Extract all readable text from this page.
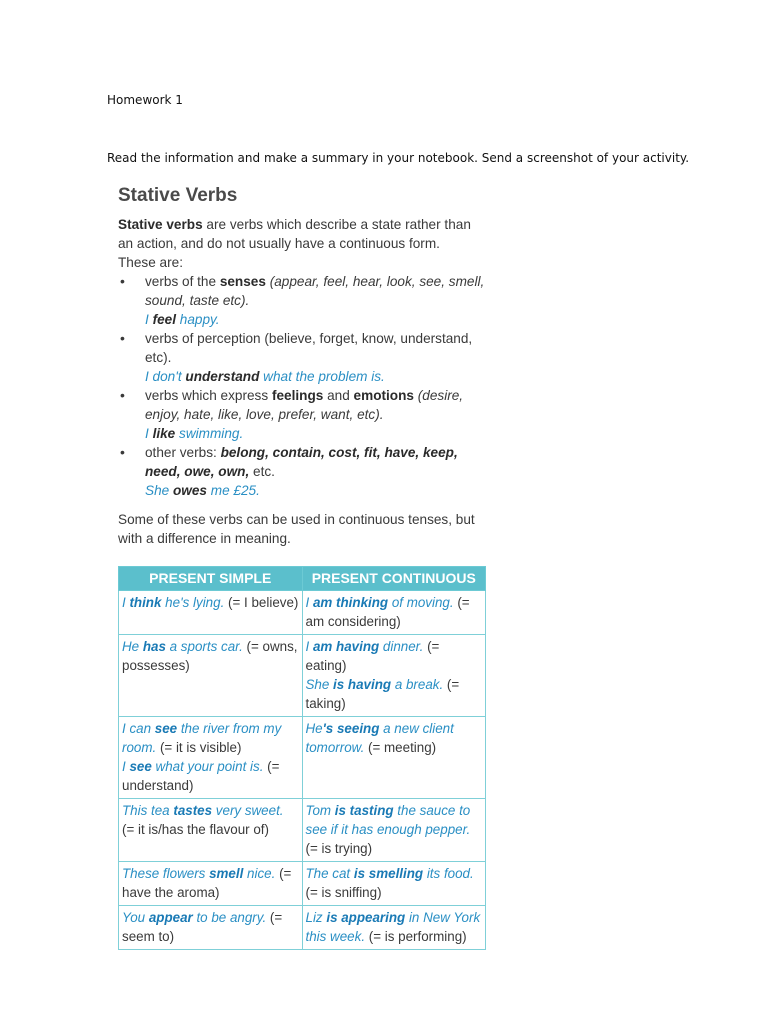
Homework 1
Read the information and make a summary in your notebook. Send a screenshot of your activity.
Stative Verbs

Stative verbs are verbs which describe a state rather than an action, and do not usually have a continuous form.

These are:

• verbs of the senses (appear, feel, hear, look, see, smell, sound, taste etc).
I feel happy.
• verbs of perception (believe, forget, know, understand, etc).
I don't understand what the problem is.
• verbs which express feelings and emotions (desire, enjoy, hate, like, love, prefer, want, etc).
I like swimming.
• other verbs: belong, contain, cost, fit, have, keep, need, owe, own, etc.
She owes me £25.

Some of these verbs can be used in continuous tenses, but with a difference in meaning.

PRESENT SIMPLE	PRESENT CONTINUOUS

I think he's lying. (= I believe)	I am thinking of moving. (= am considering)

He has a sports car. (= owns, possesses)	I am having dinner. (= eating)
She is having a break. (= taking)

I can see the river from my room. (= it is visible)
I see what your point is. (= understand)	He's seeing a new client tomorrow. (= meeting)

This tea tastes very sweet. (= it is/has the flavour of)	Tom is tasting the sauce to see if it has enough pepper. (= is trying)

These flowers smell nice. (= have the aroma)	The cat is smelling its food. (= is sniffing)

You appear to be angry. (= seem to)	Liz is appearing in New York this week. (= is performing)
